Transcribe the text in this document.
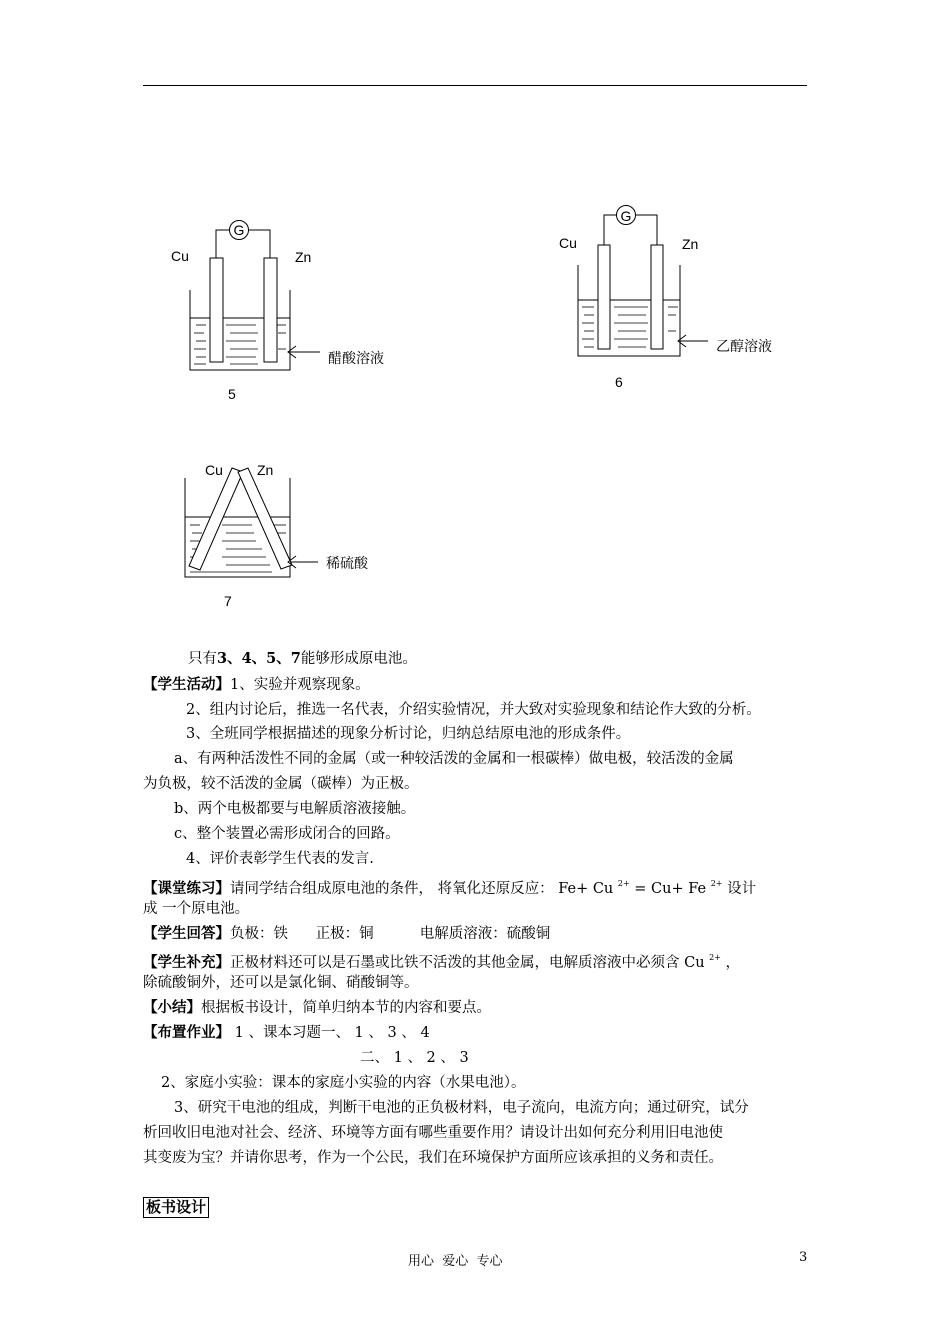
G
Cu	Zn
醋酸溶液
5
G
Cu	Zn
乙醇溶液
6
Cu Zn
稀硫酸
7
只有3、4、5、7能够形成原电池。
【学生活动】1、实验并观察现象。
2、组内讨论后，推选一名代表，介绍实验情况，并大致对实验现象和结论作大致的分析。
3、全班同学根据描述的现象分析讨论，归纳总结原电池的形成条件。
a、有两种活泼性不同的金属（或一种较活泼的金属和一根碳棒）做电极，较活泼的金属
为负极，较不活泼的金属（碳棒）为正极。
b、两个电极都要与电解质溶液接触。
c、整个装置必需形成闭合的回路。
4、评价表彰学生代表的发言.
【课堂练习】请同学结合组成原电池的条件， 将氧化还原反应： Fe+ Cu $^{2+}$ = Cu+ Fe $^{2+}$ 设计
成 一个原电池。
【学生回答】负极：铁      正极：铜          电解质溶液：硫酸铜
【学生补充】正极材料还可以是石墨或比铁不活泼的其他金属，电解质溶液中必须含 Cu $^{2+}$ ，
除硫酸铜外，还可以是氯化铜、硝酸铜等。
【小结】根据板书设计，简单归纳本节的内容和要点。
【布置作业】 1 、课本习题一、 1 、 3 、 4
二、 1 、 2 、 3
2、家庭小实验：课本的家庭小实验的内容（水果电池）。
3、研究干电池的组成，判断干电池的正负极材料，电子流向，电流方向；通过研究，试分
析回收旧电池对社会、经济、环境等方面有哪些重要作用？请设计出如何充分利用旧电池使
其变废为宝？并请你思考，作为一个公民，我们在环境保护方面所应该承担的义务和责任。
板书设计
用心  爱心  专心	3
